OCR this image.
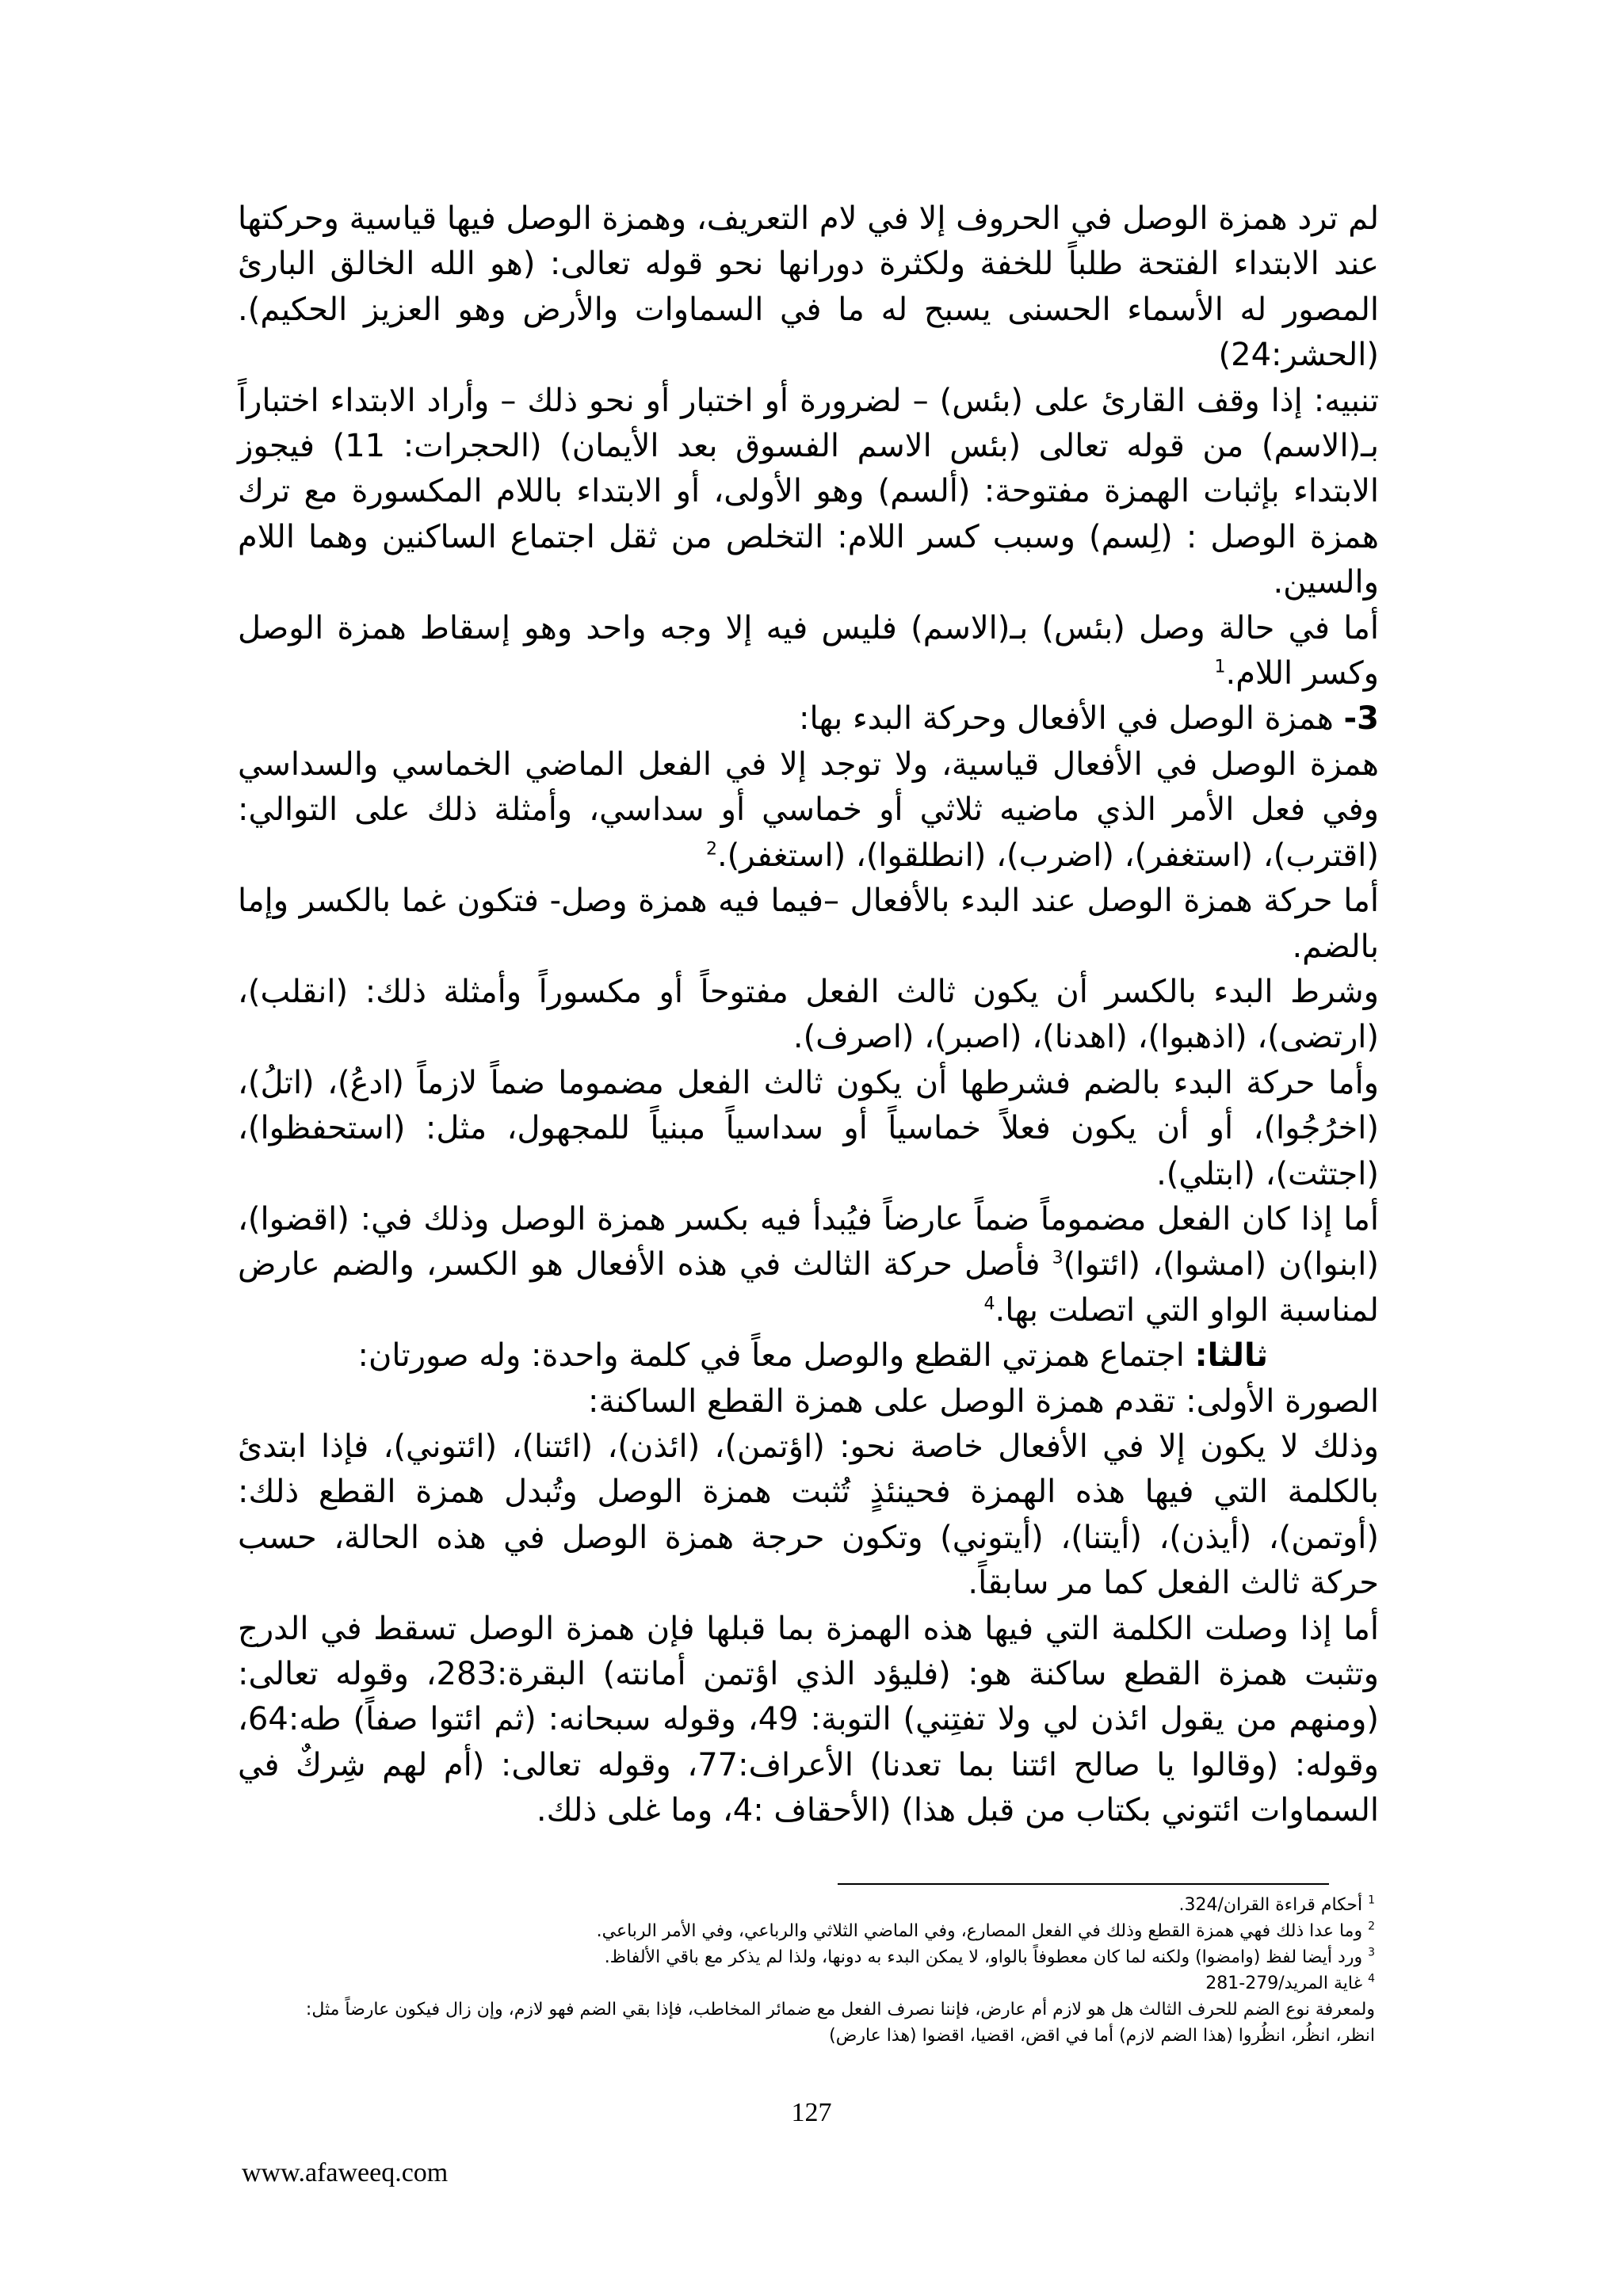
لم ترد همزة الوصل في الحروف إلا في لام التعريف، وهمزة الوصل فيها قياسية وحركتها عند الابتداء الفتحة طلباً للخفة ولكثرة دورانها نحو قوله تعالى: (هو الله الخالق البارئ المصور له الأسماء الحسنى يسبح له ما في السماوات والأرض وهو العزيز الحكيم). (الحشر:24)

تنبيه: إذا وقف القارئ على (بئس) – لضرورة أو اختبار أو نحو ذلك – وأراد الابتداء اختباراً بـ(الاسم) من قوله تعالى (بئس الاسم الفسوق بعد الأيمان) (الحجرات: 11) فيجوز الابتداء بإثبات الهمزة مفتوحة: (ألسم) وهو الأولى، أو الابتداء باللام المكسورة مع ترك همزة الوصل : (لِسم) وسبب كسر اللام: التخلص من ثقل اجتماع الساكنين وهما اللام والسين.

أما في حالة وصل (بئس) بـ(الاسم) فليس فيه إلا وجه واحد وهو إسقاط همزة الوصل وكسر اللام.$^1$

3- همزة الوصل في الأفعال وحركة البدء بها:

همزة الوصل في الأفعال قياسية، ولا توجد إلا في الفعل الماضي الخماسي والسداسي وفي فعل الأمر الذي ماضيه ثلاثي أو خماسي أو سداسي، وأمثلة ذلك على التوالي: (اقترب)، (استغفر)، (اضرب)، (انطلقوا)، (استغفر).$^2$

أما حركة همزة الوصل عند البدء بالأفعال –فيما فيه همزة وصل- فتكون غما بالكسر وإما بالضم.

وشرط البدء بالكسر أن يكون ثالث الفعل مفتوحاً أو مكسوراً وأمثلة ذلك: (انقلب)، (ارتضى)، (اذهبوا)، (اهدنا)، (اصبر)، (اصرف).

وأما حركة البدء بالضم فشرطها أن يكون ثالث الفعل مضموما ضماً لازماً (ادعُ)، (اتلُ)، (اخرُجُوا)، أو أن يكون فعلاً خماسياً أو سداسياً مبنياً للمجهول، مثل: (استحفظوا)، (اجتثت)، (ابتلي).

أما إذا كان الفعل مضموماً ضماً عارضاً فيُبدأ فيه بكسر همزة الوصل وذلك في: (اقضوا)، (ابنوا)ن (امشوا)، (ائتوا)$^3$ فأصل حركة الثالث في هذه الأفعال هو الكسر، والضم عارض لمناسبة الواو التي اتصلت بها.$^4$

ثالثا: اجتماع همزتي القطع والوصل معاً في كلمة واحدة: وله صورتان:

الصورة الأولى: تقدم همزة الوصل على همزة القطع الساكنة:

وذلك لا يكون إلا في الأفعال خاصة نحو: (اؤتمن)، (ائذن)، (ائتنا)، (ائتوني)، فإذا ابتدئ بالكلمة التي فيها هذه الهمزة فحينئذٍ تُثبت همزة الوصل وتُبدل همزة القطع ذلك: (أوتمن)، (أيذن)، (أيتنا)، (أيتوني) وتكون حرجة همزة الوصل في هذه الحالة، حسب حركة ثالث الفعل كما مر سابقاً.

أما إذا وصلت الكلمة التي فيها هذه الهمزة بما قبلها فإن همزة الوصل تسقط في الدرج وتثبت همزة القطع ساكنة هو: (فليؤد الذي اؤتمن أمانته) البقرة:283، وقوله تعالى: (ومنهم من يقول ائذن لي ولا تفتِني) التوبة: 49، وقوله سبحانه: (ثم ائتوا صفاً) طه:64، وقوله: (وقالوا يا صالح ائتنا بما تعدنا) الأعراف:77، وقوله تعالى: (أم لهم شِركٌ في السماوات ائتوني بكتاب من قبل هذا) (الأحقاف :4، وما غلى ذلك.

$^1$ أحكام قراءة القران/324.

$^2$ وما عدا ذلك فهي همزة القطع وذلك في الفعل المصارع، وفي الماضي الثلاثي والرباعي، وفي الأمر الرباعي.

$^3$ ورد أيضا لفظ (وامضوا) ولكنه لما كان معطوفاً بالواو، لا يمكن البدء به دونها، ولذا لم يذكر مع باقي الألفاظ.

$^4$ غاية المريد/279-281

ولمعرفة نوع الضم للحرف الثالث هل هو لازم أم عارض، فإننا نصرف الفعل مع ضمائر المخاطب، فإذا بقي الضم فهو لازم، وإن زال فيكون عارضاً مثل:

انظر، انظُر، انظُروا (هذا الضم لازم) أما في اقض، اقضيا، اقضوا (هذا عارض)

127
www.afaweeq.com
